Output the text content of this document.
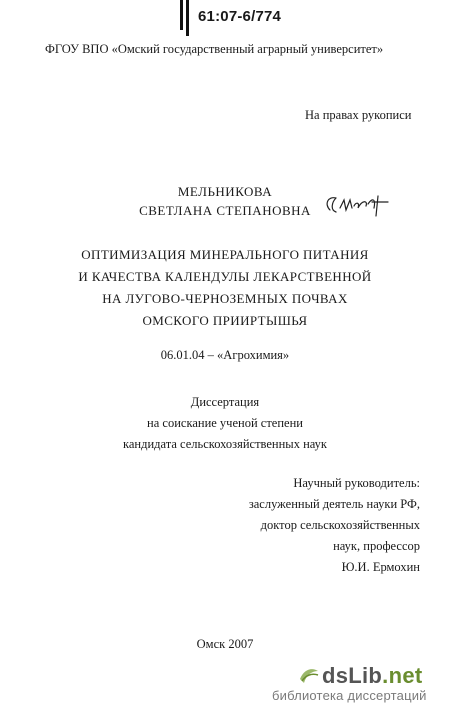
61:07-6/774
ФГОУ ВПО «Омский государственный аграрный университет»
На правах рукописи
МЕЛЬНИКОВА
СВЕТЛАНА СТЕПАНОВНА
ОПТИМИЗАЦИЯ МИНЕРАЛЬНОГО ПИТАНИЯ
И КАЧЕСТВА КАЛЕНДУЛЫ ЛЕКАРСТВЕННОЙ
НА ЛУГОВО-ЧЕРНОЗЕМНЫХ ПОЧВАХ
ОМСКОГО ПРИИРТЫШЬЯ
06.01.04 – «Агрохимия»
Диссертация
на соискание ученой степени
кандидата сельскохозяйственных наук
Научный руководитель:
заслуженный деятель науки РФ,
доктор сельскохозяйственных
наук, профессор
Ю.И. Ермохин
Омск 2007
dsLib.net
библиотека диссертаций
